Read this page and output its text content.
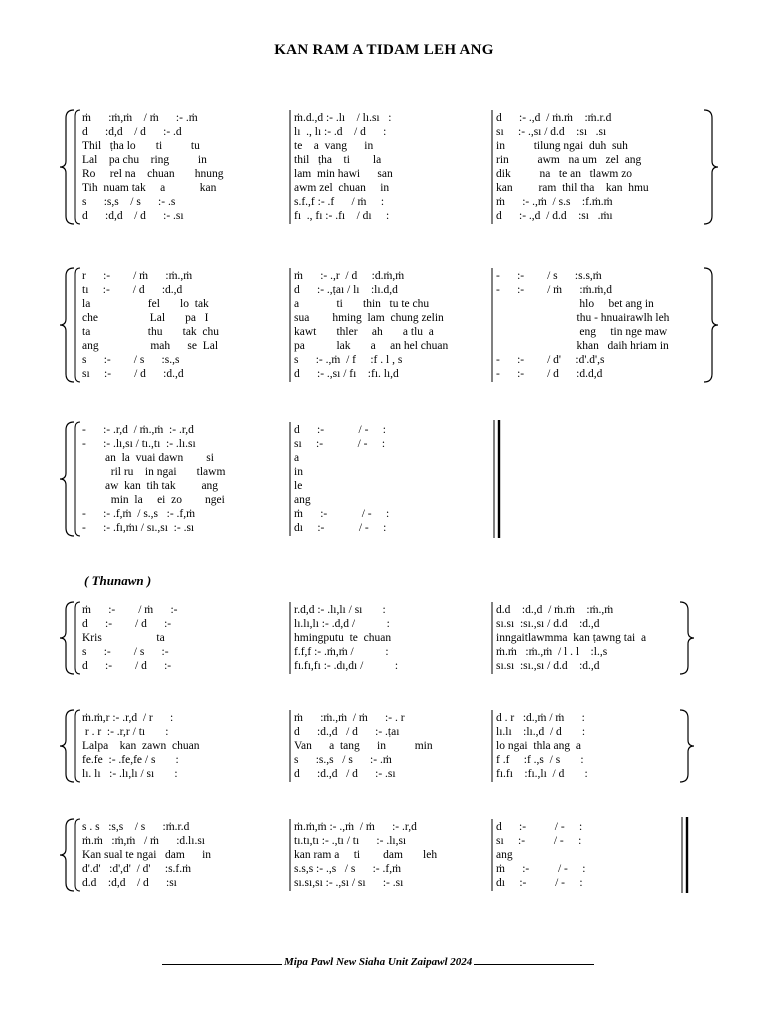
KAN RAM A TIDAM LEH ANG
ṁ      :ṁ,ṁ    / ṁ      :- .ṁ
d      :d,d    / d      :- .d
Thil   ṭha lo       ti          tu
Lal    pa chu    ring          in
Ro     rel na    chuan       hnung
Tih  nuam tak     a            kan
s      :s,s    / s      :- .s
d      :d,d    / d      :- .sı
ṁ.d.,d :- .lı    / lı.sı   :
lı  ., lı :- .d    / d      :
te    a  vang      in
thil   ṭha    ti        la
lam  min hawi      san
awm zel  chuan     in
s.f.,f :- .f      / ṁ     :
fı  ., fı :- .fı    / dı     :
d      :- .,d  / ṁ.ṁ    :ṁ.r.d
sı     :- .,sı / d.d    :sı   .sı
in          tilung ngai  duh  suh
rin          awm   na um   zel  ang
dik          na   te an   tlawm zo
kan         ram  thil tha    kan  hmu
ṁ      :- .,ṁ  / s.s    :f.ṁ.ṁ
d      :- .,d  / d.d    :sı   .ṁı
r      :-        / ṁ      :ṁ.,ṁ
tı     :-        / d      :d.,d
la                    fel       lo  tak
che                  Lal       pa   I
ta                    thu       tak  chu
ang                  mah      se  Lal
s      :-        / s      :s.,s
sı     :-        / d      :d.,d
ṁ      :- .,r  / d     :d.ṁ,ṁ
d      :- .,ṭaı / lı    :lı.d,d
a             ti       thin   tu te chu
sua        hming  lam  chung zelin
kawt       thler     ah       a tlu  a
pa           lak       a     an hel chuan
s      :- .,ṁ  / f     :f . l , s
d      :- .,sı / fı    :fı. lı,d
-      :-        / s      :s.s,ṁ
-      :-        / ṁ      :ṁ.ṁ,d
hlo     bet ang in
thu - hnuairawlh leh
eng     tin nge maw
khan   daih hriam in
-      :-        / d'     :d'.d',s
-      :-        / d      :d.d,d
-      :- .r,d  / ṁ.,ṁ  :- .r,d
-      :- .lı,sı / tı.,tı  :- .lı.sı
an  la  vuai dawn        si
ril ru    in ngai       tlawm
aw  kan  tih tak         ang
min  la     ei  zo        ngei
-      :- .f,ṁ  / s.,s   :- .f,ṁ
-      :- .fı,ṁı / sı.,sı  :- .sı
d      :-            / -     :
sı     :-            / -     :
a
in
le
ang
ṁ      :-            / -     :
dı     :-            / -     :
ṁ      :-        / ṁ      :-
d      :-        / d      :-
Kris                   ta
s      :-        / s      :-
d      :-        / d      :-
r.d,d :- .lı,lı / sı       :
lı.lı,lı :- .d,d /           :
hmingputu  te  chuan
f.f,f :- .ṁ,ṁ /           :
fı.fı,fı :- .dı,dı /           :
d.d    :d.,d  / ṁ.ṁ    :ṁ.,ṁ
sı.sı  :sı.,sı / d.d    :d.,d
inngaitlawmma  kan ṭawng tai  a
ṁ.ṁ   :ṁ.,ṁ  / l . l    :l.,s
sı.sı  :sı.,sı / d.d    :d.,d
ṁ.ṁ,r :- .r,d  / r      :
r . r  :- .r,r / tı       :
Lalpa    kan  zawn  chuan
fe.fe  :- .fe,fe / s       :
lı. lı   :- .lı,lı / sı       :
ṁ      :ṁ.,ṁ  / ṁ      :- . r
d      :d.,d   / d      :- .ṭaı
Van      a  tang      in          min
s      :s.,s   / s      :- .ṁ
d      :d.,d   / d      :- .sı
d . r   :d.,ṁ / ṁ      :
lı.lı    :lı.,d  / d       :
lo ngai  thla ang  a
f .f     :f .,s  / s       :
fı.fı    :fı.,lı  / d       :
s . s   :s,s    / s      :ṁ.r.d
ṁ.ṁ   :ṁ,ṁ   / ṁ      :d.lı.sı
Kan sual te ngai   dam      in
d'.d'   :d',d'  / d'     :s.f.ṁ
d.d    :d,d    / d      :sı
ṁ.ṁ,ṁ :- .,ṁ  / ṁ      :- .r,d
tı.tı,tı :- .,tı / tı      :- .lı,sı
kan ram a     ti        dam       leh
s.s,s :- .,s   / s      :- .f,ṁ
sı.sı,sı :- .,sı / sı      :- .sı
d      :-          / -     :
sı     :-          / -     :
ang
ṁ      :-          / -     :
dı     :-          / -     :
( Thunawn )
Mipa Pawl New Siaha Unit Zaipawl 2024
